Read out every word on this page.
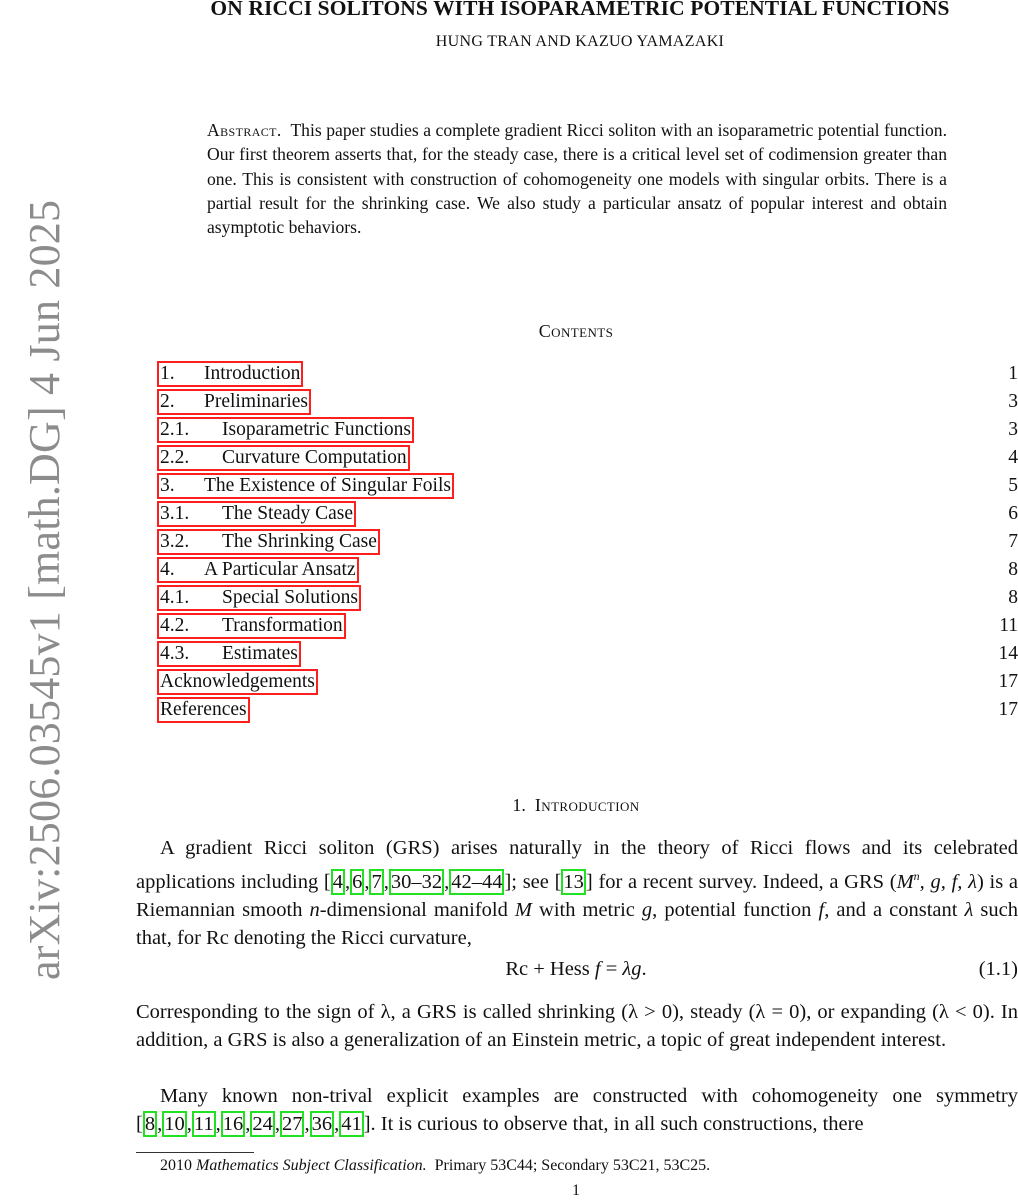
arXiv:2506.03545v1 [math.DG] 4 Jun 2025
ON RICCI SOLITONS WITH ISOPARAMETRIC POTENTIAL FUNCTIONS
HUNG TRAN AND KAZUO YAMAZAKI
Abstract. This paper studies a complete gradient Ricci soliton with an isoparametric potential function. Our first theorem asserts that, for the steady case, there is a critical level set of codimension greater than one. This is consistent with construction of cohomogeneity one models with singular orbits. There is a partial result for the shrinking case. We also study a particular ansatz of popular interest and obtain asymptotic behaviors.
Contents
1. Introduction	1
2. Preliminaries	3
2.1. Isoparametric Functions	3
2.2. Curvature Computation	4
3. The Existence of Singular Foils	5
3.1. The Steady Case	6
3.2. The Shrinking Case	7
4. A Particular Ansatz	8
4.1. Special Solutions	8
4.2. Transformation	11
4.3. Estimates	14
Acknowledgements	17
References	17
1. Introduction
A gradient Ricci soliton (GRS) arises naturally in the theory of Ricci flows and its celebrated applications including [4,6,7,30–32,42–44]; see [13] for a recent survey. Indeed, a GRS ($M^n$, g, f, λ) is a Riemannian smooth n-dimensional manifold M with metric g, potential function f, and a constant λ such that, for Rc denoting the Ricci curvature,
Rc + Hess f = λg.	(1.1)
Corresponding to the sign of λ, a GRS is called shrinking (λ > 0), steady (λ = 0), or expanding (λ < 0). In addition, a GRS is also a generalization of an Einstein metric, a topic of great independent interest.
Many known non-trival explicit examples are constructed with cohomogeneity one symmetry [8,10,11,16,24,27,36,41]. It is curious to observe that, in all such constructions, there
2010 Mathematics Subject Classification. Primary 53C44; Secondary 53C21, 53C25.
1
